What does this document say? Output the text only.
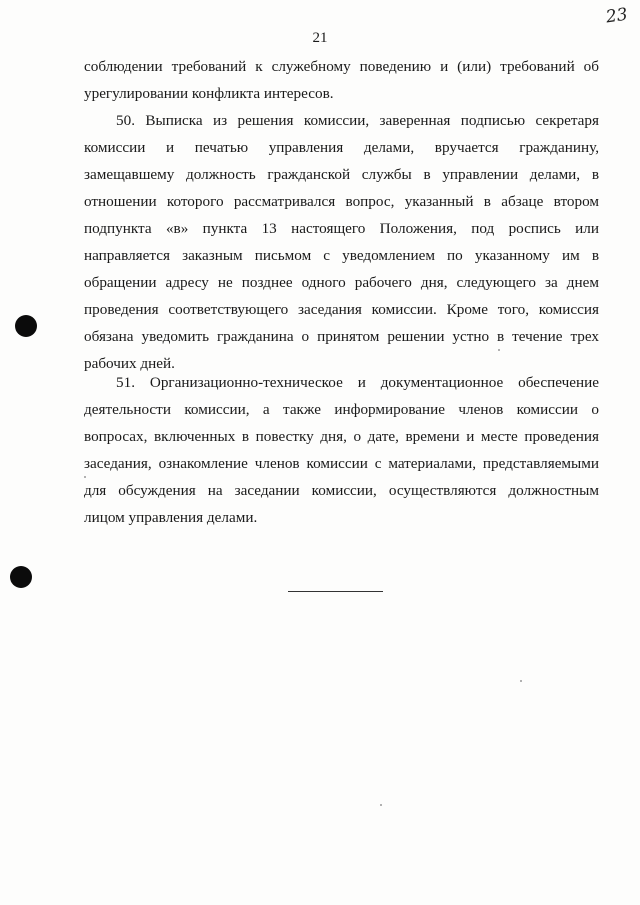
21
23
соблюдении требований к служебному поведению и (или) требований об
урегулировании конфликта интересов.
50. Выписка из решения комиссии, заверенная подписью секретаря
комиссии и печатью управления делами, вручается гражданину,
замещавшему должность гражданской службы в управлении делами, в
отношении которого рассматривался вопрос, указанный в абзаце втором
подпункта «в» пункта 13 настоящего Положения, под роспись или
направляется заказным письмом с уведомлением по указанному им в
обращении адресу не позднее одного рабочего дня, следующего за днем
проведения соответствующего заседания комиссии. Кроме того, комиссия
обязана уведомить гражданина о принятом решении устно в течение трех
рабочих дней.
51. Организационно-техническое и документационное обеспечение
деятельности комиссии, а также информирование членов комиссии о
вопросах, включенных в повестку дня, о дате, времени и месте проведения
заседания, ознакомление членов комиссии с материалами, представляемыми
для обсуждения на заседании комиссии, осуществляются должностным
лицом управления делами.
